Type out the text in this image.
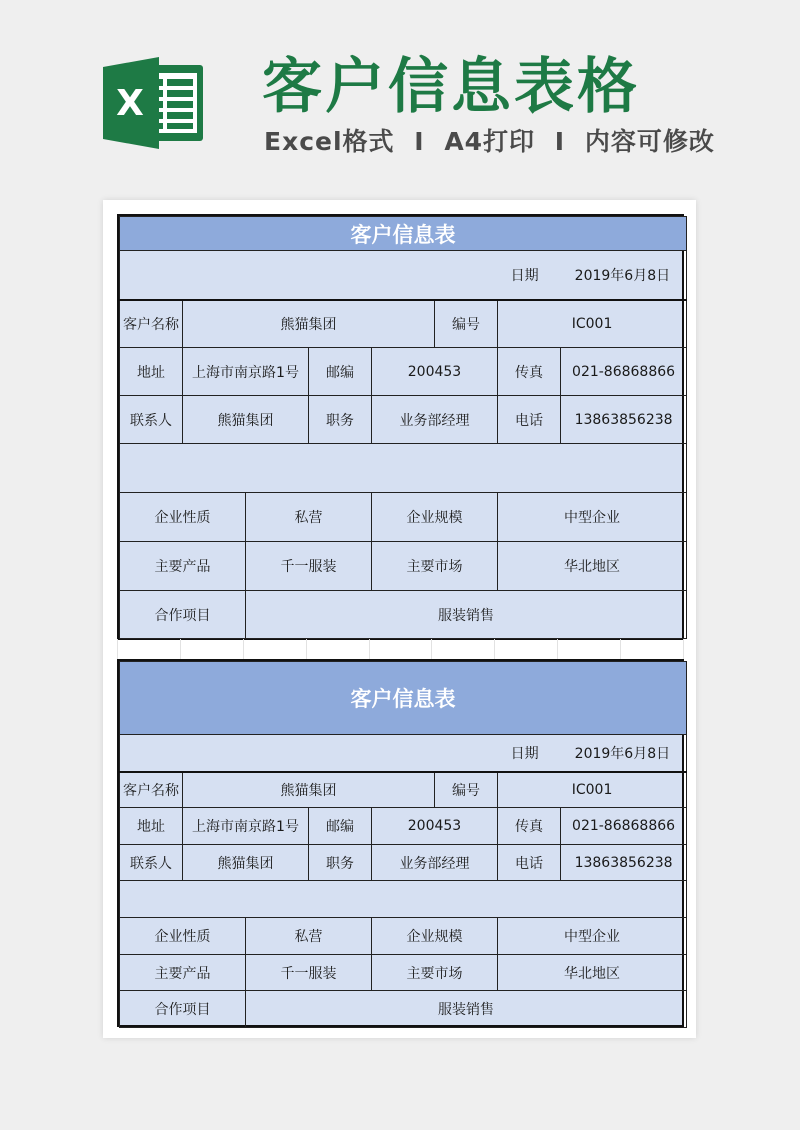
X 客户信息表格
Excel格式 I A4打印 I 内容可修改
客户信息表							
日期 2019年6月8日							
客户名称	熊猫集团				编号	IC001	
地址	上海市南京路1号		邮编	200453		传真	021-86868866
联系人	熊猫集团		职务	业务部经理		电话	13863856238

企业性质		私营		企业规模		中型企业	
主要产品		千一服装		主要市场		华北地区	
合作项目		服装销售					
客户信息表							
日期 2019年6月8日							
客户名称	熊猫集团				编号	IC001	
地址	上海市南京路1号		邮编	200453		传真	021-86868866
联系人	熊猫集团		职务	业务部经理		电话	13863856238

企业性质		私营		企业规模		中型企业	
主要产品		千一服装		主要市场		华北地区	
合作项目		服装销售					
